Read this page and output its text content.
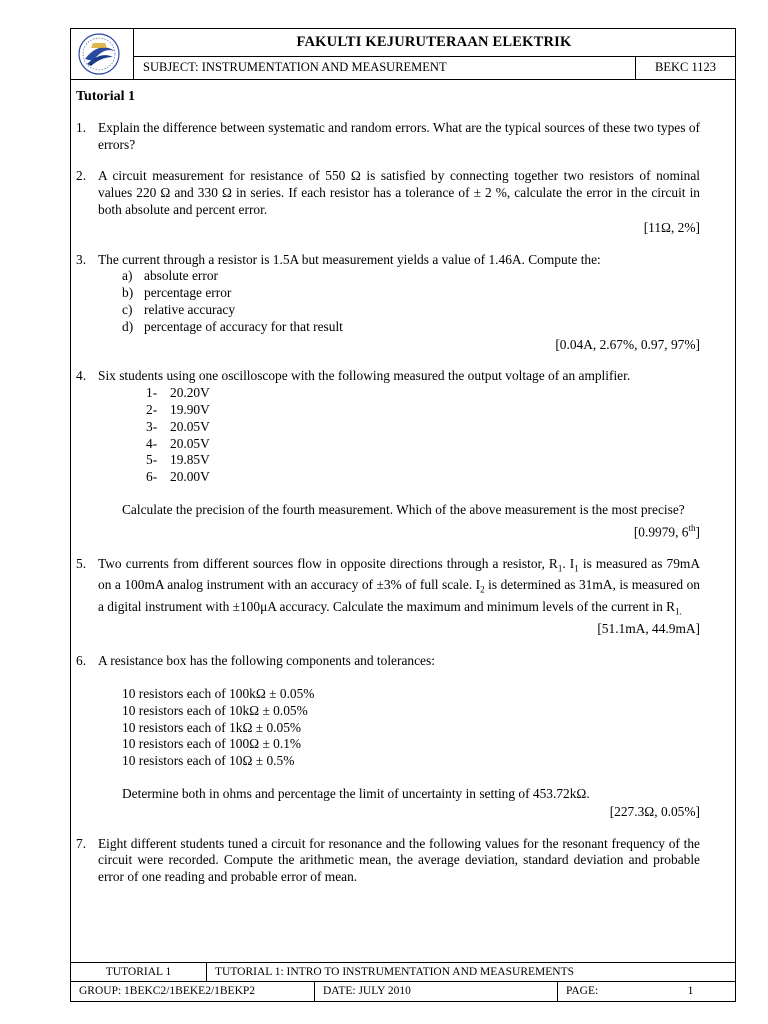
FAKULTI KEJURUTERAAN ELEKTRIK
SUBJECT: INSTRUMENTATION AND MEASUREMENT	BEKC 1123
Tutorial 1
1. Explain the difference between systematic and random errors. What are the typical sources of these two types of errors?
2. A circuit measurement for resistance of 550 Ω is satisfied by connecting together two resistors of nominal values 220 Ω and 330 Ω in series. If each resistor has a tolerance of ± 2 %, calculate the error in the circuit in both absolute and percent error.
[11Ω, 2%]
3. The current through a resistor is 1.5A but measurement yields a value of 1.46A. Compute the:
a) absolute error
b) percentage error
c) relative accuracy
d) percentage of accuracy for that result
[0.04A, 2.67%, 0.97, 97%]
4. Six students using one oscilloscope with the following measured the output voltage of an amplifier.
1- 20.20V
2- 19.90V
3- 20.05V
4- 20.05V
5- 19.85V
6- 20.00V
Calculate the precision of the fourth measurement. Which of the above measurement is the most precise?
[0.9979, 6th]
5. Two currents from different sources flow in opposite directions through a resistor, $R_1$. $I_1$ is measured as 79mA on a 100mA analog instrument with an accuracy of ±3% of full scale. $I_2$ is determined as 31mA, is measured on a digital instrument with ±100μA accuracy. Calculate the maximum and minimum levels of the current in $R_{1.}$
[51.1mA, 44.9mA]
6. A resistance box has the following components and tolerances:
10 resistors each of 100kΩ ± 0.05%
10 resistors each of 10kΩ ± 0.05%
10 resistors each of 1kΩ ± 0.05%
10 resistors each of 100Ω ± 0.1%
10 resistors each of 10Ω ± 0.5%
Determine both in ohms and percentage the limit of uncertainty in setting of 453.72kΩ.
[227.3Ω, 0.05%]
7. Eight different students tuned a circuit for resonance and the following values for the resonant frequency of the circuit were recorded. Compute the arithmetic mean, the average deviation, standard deviation and probable error of one reading and probable error of mean.
TUTORIAL 1	TUTORIAL 1: INTRO TO INSTRUMENTATION AND MEASUREMENTS
GROUP: 1BEKC2/1BEKE2/1BEKP2	DATE: JULY 2010	PAGE:	1
